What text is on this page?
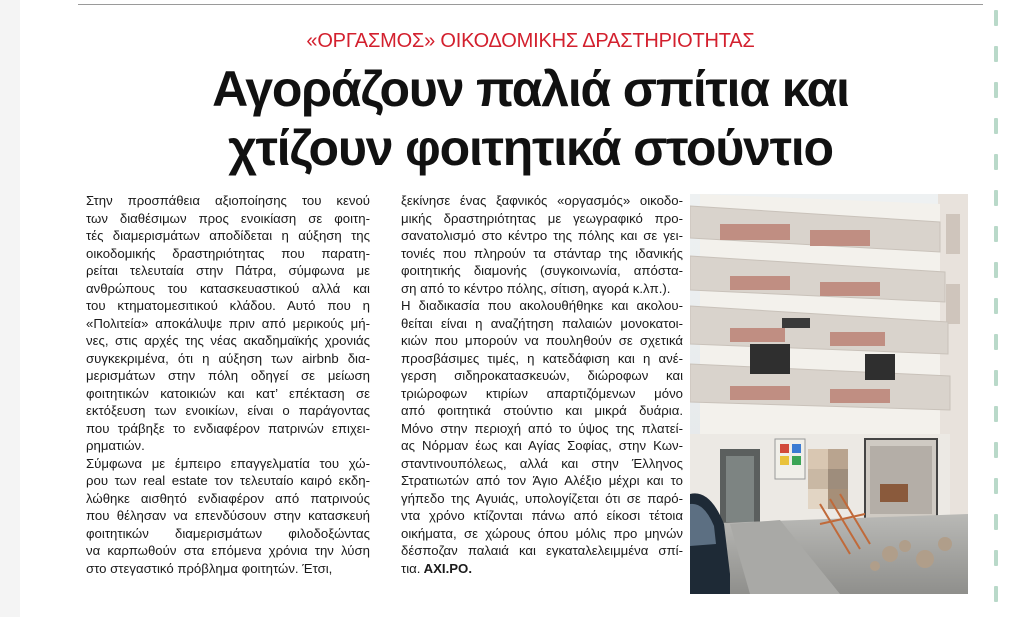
«ΟΡΓΑΣΜΟΣ» ΟΙΚΟΔΟΜΙΚΗΣ ΔΡΑΣΤΗΡΙΟΤΗΤΑΣ
Αγοράζουν παλιά σπίτια και
χτίζουν φοιτητικά στούντιο
Στην προσπάθεια αξιοποίησης του κενού
των διαθέσιμων προς ενοικίαση σε φοιτη-
τές διαμερισμάτων αποδίδεται η αύξηση της
οικοδομικής δραστηριότητας που παρατη-
ρείται τελευταία στην Πάτρα, σύμφωνα με
ανθρώπους του κατασκευαστικού αλλά και
του κτηματομεσιτικού κλάδου. Αυτό που η
«Πολιτεία» αποκάλυψε πριν από μερικούς μή-
νες, στις αρχές της νέας ακαδημαϊκής χρονιάς
συγκεκριμένα, ότι η αύξηση των airbnb δια-
μερισμάτων στην πόλη οδηγεί σε μείωση
φοιτητικών κατοικιών και κατ’ επέκταση σε
εκτόξευση των ενοικίων, είναι ο παράγοντας
που τράβηξε το ενδιαφέρον πατρινών επιχει-
ρηματιών.
Σύμφωνα με έμπειρο επαγγελματία του χώ-
ρου των real estate τον τελευταίο καιρό εκδη-
λώθηκε αισθητό ενδιαφέρον από πατρινούς
που θέλησαν να επενδύσουν στην κατασκευή
φοιτητικών διαμερισμάτων φιλοδοξώντας
να καρπωθούν στα επόμενα χρόνια την λύση
στο στεγαστικό πρόβλημα φοιτητών. Έτσι,
ξεκίνησε ένας ξαφνικός «οργασμός» οικοδο-
μικής δραστηριότητας με γεωγραφικό προ-
σανατολισμό στο κέντρο της πόλης και σε γει-
τονιές που πληρούν τα στάνταρ της ιδανικής
φοιτητικής διαμονής (συγκοινωνία, απόστα-
ση από το κέντρο πόλης, σίτιση, αγορά κ.λπ.).
Η διαδικασία που ακολουθήθηκε και ακολου-
θείται είναι η αναζήτηση παλαιών μονοκατοι-
κιών που μπορούν να πουληθούν σε σχετικά
προσβάσιμες τιμές, η κατεδάφιση και η ανέ-
γερση σιδηροκατασκευών, διώροφων και
τριώροφων κτιρίων απαρτιζόμενων μόνο
από φοιτητικά στούντιο και μικρά δυάρια.
Μόνο στην περιοχή από το ύψος της πλατεί-
ας Νόρμαν έως και Αγίας Σοφίας, στην Κων-
σταντινουπόλεως, αλλά και στην Έλληνος
Στρατιωτών από τον Άγιο Αλέξιο μέχρι και το
γήπεδο της Αγυιάς, υπολογίζεται ότι σε παρό-
ντα χρόνο κτίζονται πάνω από είκοσι τέτοια
οικήματα, σε χώρους όπου μόλις προ μηνών
δέσποζαν παλαιά και εγκαταλελειμμένα σπί-
τια. ΑΧΙ.ΡΟ.
